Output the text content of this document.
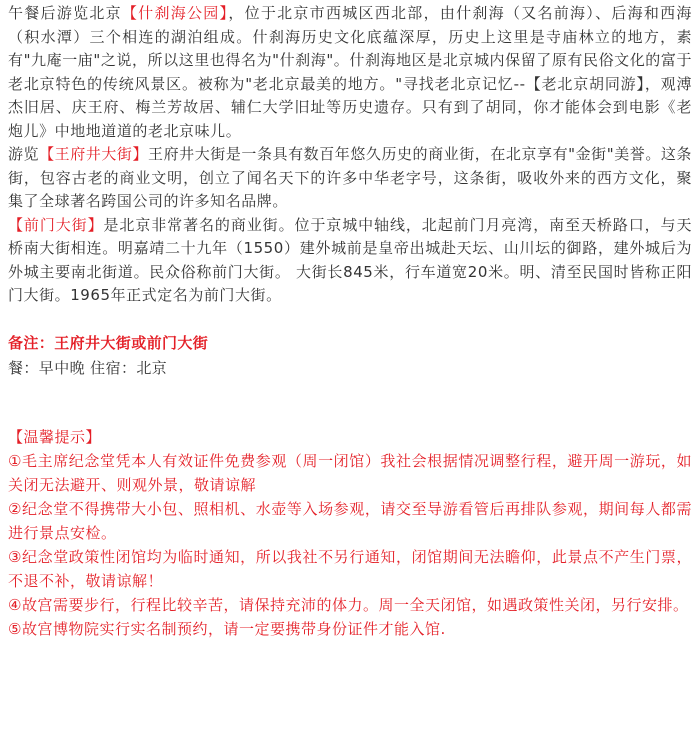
午餐后游览北京【什刹海公园】，位于北京市西城区西北部，由什刹海（又名前海）、后海和西海（积水潭）三个相连的湖泊组成。什刹海历史文化底蕴深厚，历史上这里是寺庙林立的地方，素有"九庵一庙"之说，所以这里也得名为"什刹海"。什刹海地区是北京城内保留了原有民俗文化的富于老北京特色的传统风景区。被称为"老北京最美的地方。"寻找老北京记忆--【老北京胡同游】，观溥杰旧居、庆王府、梅兰芳故居、辅仁大学旧址等历史遗存。只有到了胡同，你才能体会到电影《老炮儿》中地地道道的老北京味儿。

游览【王府井大街】王府井大街是一条具有数百年悠久历史的商业街，在北京享有"金街"美誉。这条街，包容古老的商业文明，创立了闻名天下的许多中华老字号，这条街，吸收外来的西方文化，聚集了全球著名跨国公司的许多知名品牌。

【前门大街】是北京非常著名的商业街。位于京城中轴线，北起前门月亮湾，南至天桥路口，与天桥南大街相连。明嘉靖二十九年（1550）建外城前是皇帝出城赴天坛、山川坛的御路，建外城后为外城主要南北街道。民众俗称前门大街。 大街长845米，行车道宽20米。明、清至民国时皆称正阳门大街。1965年正式定名为前门大街。

备注：王府井大街或前门大街

餐：早中晚 住宿：北京

【温馨提示】

①毛主席纪念堂凭本人有效证件免费参观（周一闭馆）我社会根据情况调整行程，避开周一游玩，如关闭无法避开、则观外景，敬请谅解

②纪念堂不得携带大小包、照相机、水壶等入场参观，请交至导游看管后再排队参观，期间每人都需进行景点安检。

③纪念堂政策性闭馆均为临时通知，所以我社不另行通知，闭馆期间无法瞻仰，此景点不产生门票，不退不补，敬请谅解！

④故宫需要步行，行程比较辛苦，请保持充沛的体力。周一全天闭馆，如遇政策性关闭，另行安排。

⑤故宫博物院实行实名制预约，请一定要携带身份证件才能入馆.
